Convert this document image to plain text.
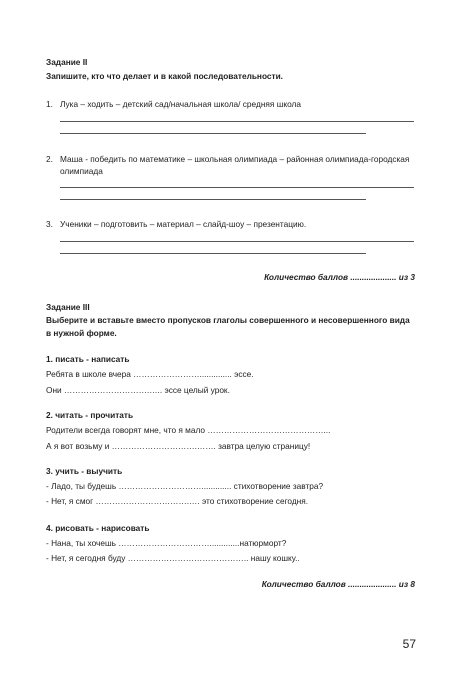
Задание II
Запишите, кто что делает и в какой последовательности.
1. Лука – ходить – детский сад/начальная школа/ средняя школа
2. Маша - победить по математике – школьная олимпиада – районная олимпиада-городская
олимпиада
3. Ученики – подготовить – материал – слайд-шоу – презентацию.
Количество баллов .................... из 3
Задание III
Выберите и вставьте вместо пропусков глаголы совершенного и несовершенного вида
в нужной форме.
1. писать - написать
Ребята в школе вчера …………………….............. эссе.
Они ………………………….….. эссе целый урок.
2. читать - прочитать
Родители всегда говорят мне, что я мало ……………………………………...
А я вот возьму и ………………………….……. завтра целую страницу!
3. учить - выучить
- Ладо, ты будешь …………………………............. стихотворение завтра?
- Нет, я смог …………………………….…. это стихотворение сегодня.
4. рисовать - нарисовать
- Нана, ты хочешь …………………………….............натюрморт?
- Нет, я сегодня буду …………………………………….. нашу кошку..
Количество баллов ..................... из 8
57
